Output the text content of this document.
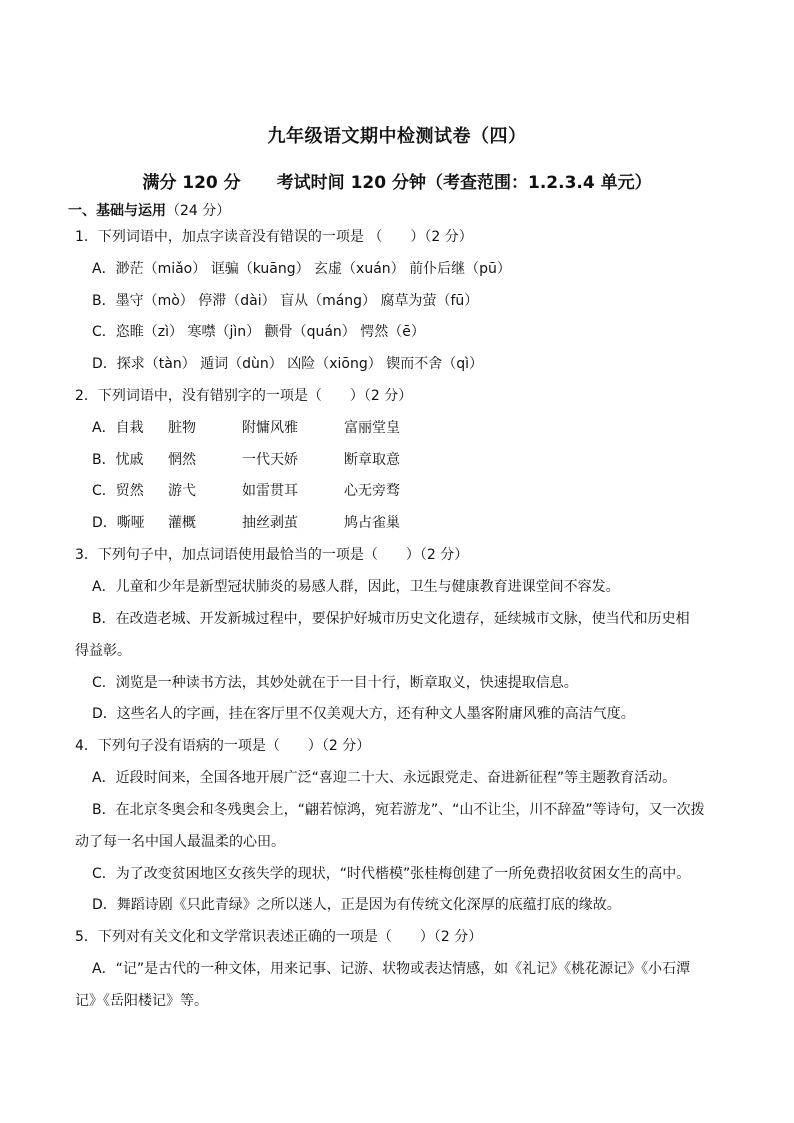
九年级语文期中检测试卷（四）
满分 120 分 考试时间 120 分钟（考查范围：1.2.3.4 单元）
一、基础与运用（24 分）
1．下列词语中，加点字读音没有错误的一项是 （　　）（2 分）
A．渺茫（miǎo） 诓骗（kuāng） 玄虚（xuán） 前仆后继（pū）
B．墨守（mò） 停滞（dài） 盲从（máng） 腐草为萤（fū）
C．恣睢（zì） 寒噤（jìn） 颧骨（quán） 愕然（ē）
D．探求（tàn） 遁词（dùn） 凶险（xiōng） 锲而不舍（qì）
2．下列词语中，没有错别字的一项是（　　）（2 分）
A．自栽 脏物	附慵风雅	富丽堂皇
B．忧戚 惘然	一代天娇	断章取意
C．贸然 游弋	如雷贯耳	心无旁骛
D．嘶哑 灌概	抽丝剥茧	鸠占雀巢
3．下列句子中，加点词语使用最恰当的一项是（　　）（2 分）
A．儿童和少年是新型冠状肺炎的易感人群，因此，卫生与健康教育进课堂间不容发。
B．在改造老城、开发新城过程中，要保护好城市历史文化遗存，延续城市文脉，使当代和历史相
得益彰。
C．浏览是一种读书方法，其妙处就在于一目十行，断章取义，快速提取信息。
D．这些名人的字画，挂在客厅里不仅美观大方，还有种文人墨客附庸风雅的高洁气度。
4．下列句子没有语病的一项是（　　）（2 分）
A．近段时间来，全国各地开展广泛“喜迎二十大、永远跟党走、奋进新征程”等主题教育活动。
B．在北京冬奥会和冬残奥会上，“翩若惊鸿，宛若游龙”、“山不让尘，川不辞盈”等诗句，又一次拨
动了每一名中国人最温柔的心田。
C．为了改变贫困地区女孩失学的现状，“时代楷模”张桂梅创建了一所免费招收贫困女生的高中。
D．舞蹈诗剧《只此青绿》之所以迷人，正是因为有传统文化深厚的底蕴打底的缘故。
5．下列对有关文化和文学常识表述正确的一项是（　　）（2 分）
A．“记”是古代的一种文体，用来记事、记游、状物或表达情感，如《礼记》《桃花源记》《小石潭
记》《岳阳楼记》等。
